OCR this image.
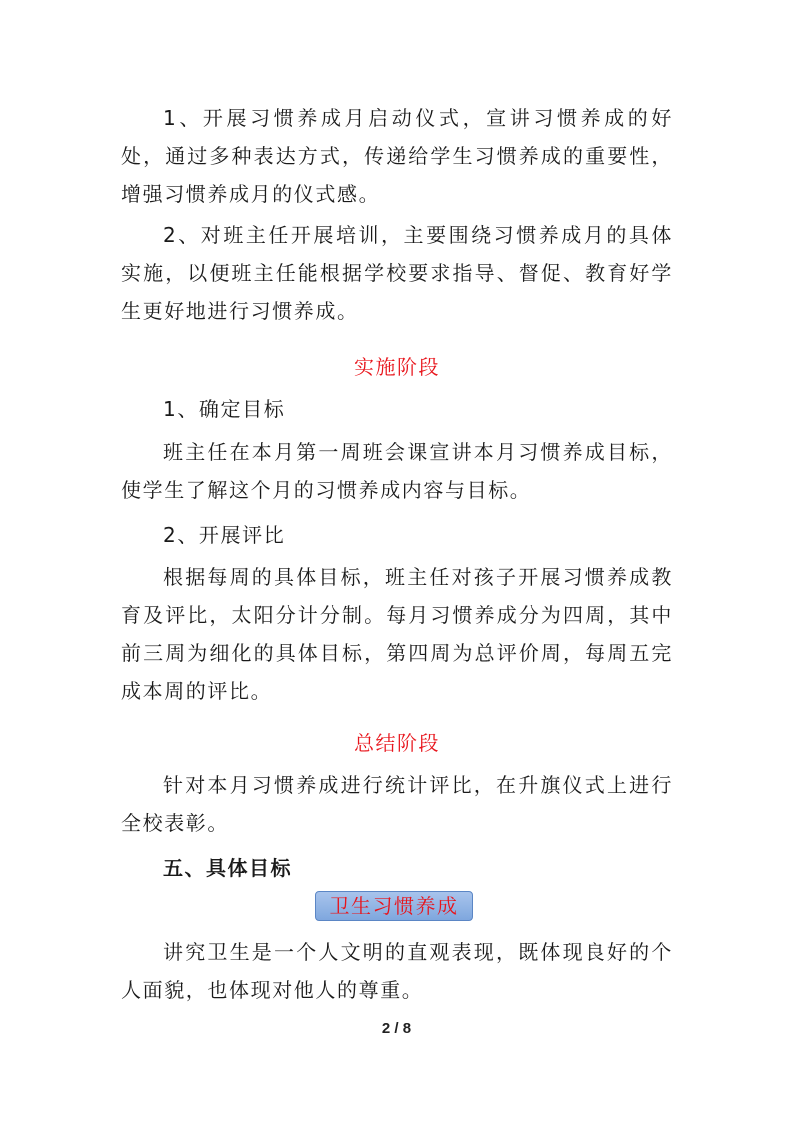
1、开展习惯养成月启动仪式，宣讲习惯养成的好处，通过多种表达方式，传递给学生习惯养成的重要性，增强习惯养成月的仪式感。

2、对班主任开展培训，主要围绕习惯养成月的具体实施，以便班主任能根据学校要求指导、督促、教育好学生更好地进行习惯养成。

实施阶段

1、确定目标

班主任在本月第一周班会课宣讲本月习惯养成目标，使学生了解这个月的习惯养成内容与目标。

2、开展评比

根据每周的具体目标，班主任对孩子开展习惯养成教育及评比，太阳分计分制。每月习惯养成分为四周，其中前三周为细化的具体目标，第四周为总评价周，每周五完成本周的评比。

总结阶段

针对本月习惯养成进行统计评比，在升旗仪式上进行全校表彰。

五、具体目标

卫生习惯养成

讲究卫生是一个人文明的直观表现，既体现良好的个人面貌，也体现对他人的尊重。

2 / 8
